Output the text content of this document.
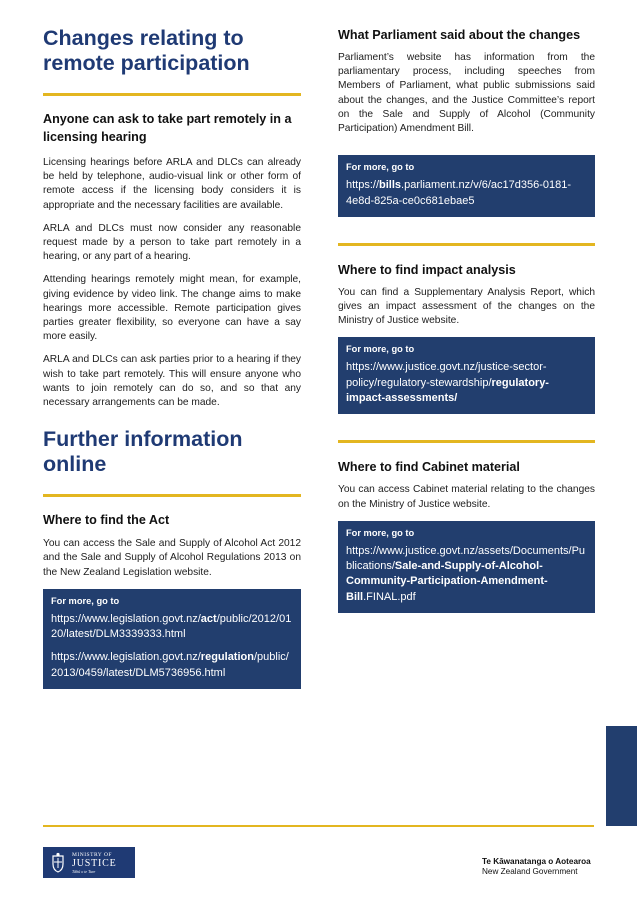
Changes relating to
remote participation
Anyone can ask to take part remotely in a
licensing hearing

Licensing hearings before ARLA and DLCs can already be held by telephone, audio-visual link or other form of remote access if the licensing body considers it is appropriate and the necessary facilities are available.

ARLA and DLCs must now consider any reasonable request made by a person to take part remotely in a hearing, or any part of a hearing.

Attending hearings remotely might mean, for example, giving evidence by video link. The change aims to make hearings more accessible. Remote participation gives parties greater flexibility, so everyone can have a say more easily.

ARLA and DLCs can ask parties prior to a hearing if they wish to take part remotely. This will ensure anyone who wants to join remotely can do so, and so that any necessary arrangements can be made.

Further information
online
Where to find the Act

You can access the Sale and Supply of Alcohol Act 2012 and the Sale and Supply of Alcohol Regulations 2013 on the New Zealand Legislation website.

For more, go to
https://www.legislation.govt.nz/act/public/2012/0120/latest/DLM3339333.html
https://www.legislation.govt.nz/regulation/public/2013/0459/latest/DLM5736956.html
What Parliament said about the changes

Parliament’s website has information from the parliamentary process, including speeches from Members of Parliament, what public submissions said about the changes, and the Justice Committee’s report on the Sale and Supply of Alcohol (Community Participation) Amendment Bill.

For more, go to
https://bills.parliament.nz/v/6/ac17d356-0181-4e8d-825a-ce0c681ebae5
Where to find impact analysis

You can find a Supplementary Analysis Report, which gives an impact assessment of the changes on the Ministry of Justice website.

For more, go to
https://www.justice.govt.nz/justice-sector-policy/regulatory-stewardship/regulatory-impact-assessments/
Where to find Cabinet material

You can access Cabinet material relating to the changes on the Ministry of Justice website.

For more, go to
https://www.justice.govt.nz/assets/Documents/Publications/Sale-and-Supply-of-Alcohol-Community-Participation-Amendment-Bill.FINAL.pdf
MINISTRY OF
JUSTICE
Tāhū o te Ture
Te Kāwanatanga o Aotearoa
New Zealand Government
